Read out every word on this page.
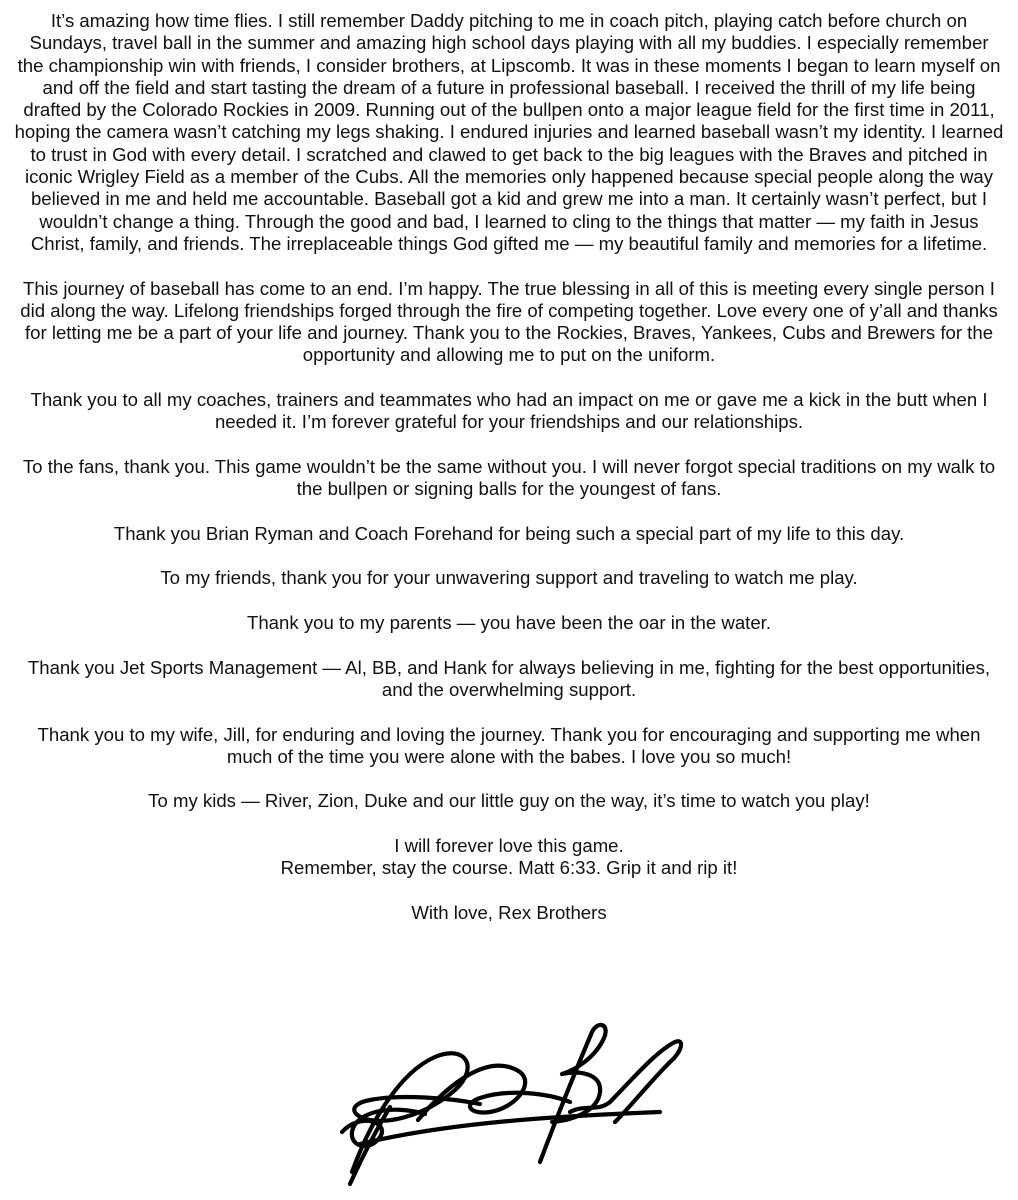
It’s amazing how time flies. I still remember Daddy pitching to me in coach pitch, playing catch before church on Sundays, travel ball in the summer and amazing high school days playing with all my buddies. I especially remember the championship win with friends, I consider brothers, at Lipscomb. It was in these moments I began to learn myself on and off the field and start tasting the dream of a future in professional baseball. I received the thrill of my life being drafted by the Colorado Rockies in 2009. Running out of the bullpen onto a major league field for the first time in 2011, hoping the camera wasn’t catching my legs shaking. I endured injuries and learned baseball wasn’t my identity. I learned to trust in God with every detail. I scratched and clawed to get back to the big leagues with the Braves and pitched in iconic Wrigley Field as a member of the Cubs. All the memories only happened because special people along the way believed in me and held me accountable. Baseball got a kid and grew me into a man. It certainly wasn’t perfect, but I wouldn’t change a thing. Through the good and bad, I learned to cling to the things that matter — my faith in Jesus Christ, family, and friends. The irreplaceable things God gifted me — my beautiful family and memories for a lifetime.

This journey of baseball has come to an end. I’m happy. The true blessing in all of this is meeting every single person I did along the way. Lifelong friendships forged through the fire of competing together. Love every one of y’all and thanks for letting me be a part of your life and journey. Thank you to the Rockies, Braves, Yankees, Cubs and Brewers for the opportunity and allowing me to put on the uniform.

Thank you to all my coaches, trainers and teammates who had an impact on me or gave me a kick in the butt when I needed it. I’m forever grateful for your friendships and our relationships.

To the fans, thank you. This game wouldn’t be the same without you. I will never forgot special traditions on my walk to the bullpen or signing balls for the youngest of fans.

Thank you Brian Ryman and Coach Forehand for being such a special part of my life to this day.

To my friends, thank you for your unwavering support and traveling to watch me play.

Thank you to my parents — you have been the oar in the water.

Thank you Jet Sports Management — Al, BB, and Hank for always believing in me, fighting for the best opportunities, and the overwhelming support.

Thank you to my wife, Jill, for enduring and loving the journey. Thank you for encouraging and supporting me when much of the time you were alone with the babes. I love you so much!

To my kids — River, Zion, Duke and our little guy on the way, it’s time to watch you play!

I will forever love this game.
Remember, stay the course. Matt 6:33. Grip it and rip it!

With love, Rex Brothers
